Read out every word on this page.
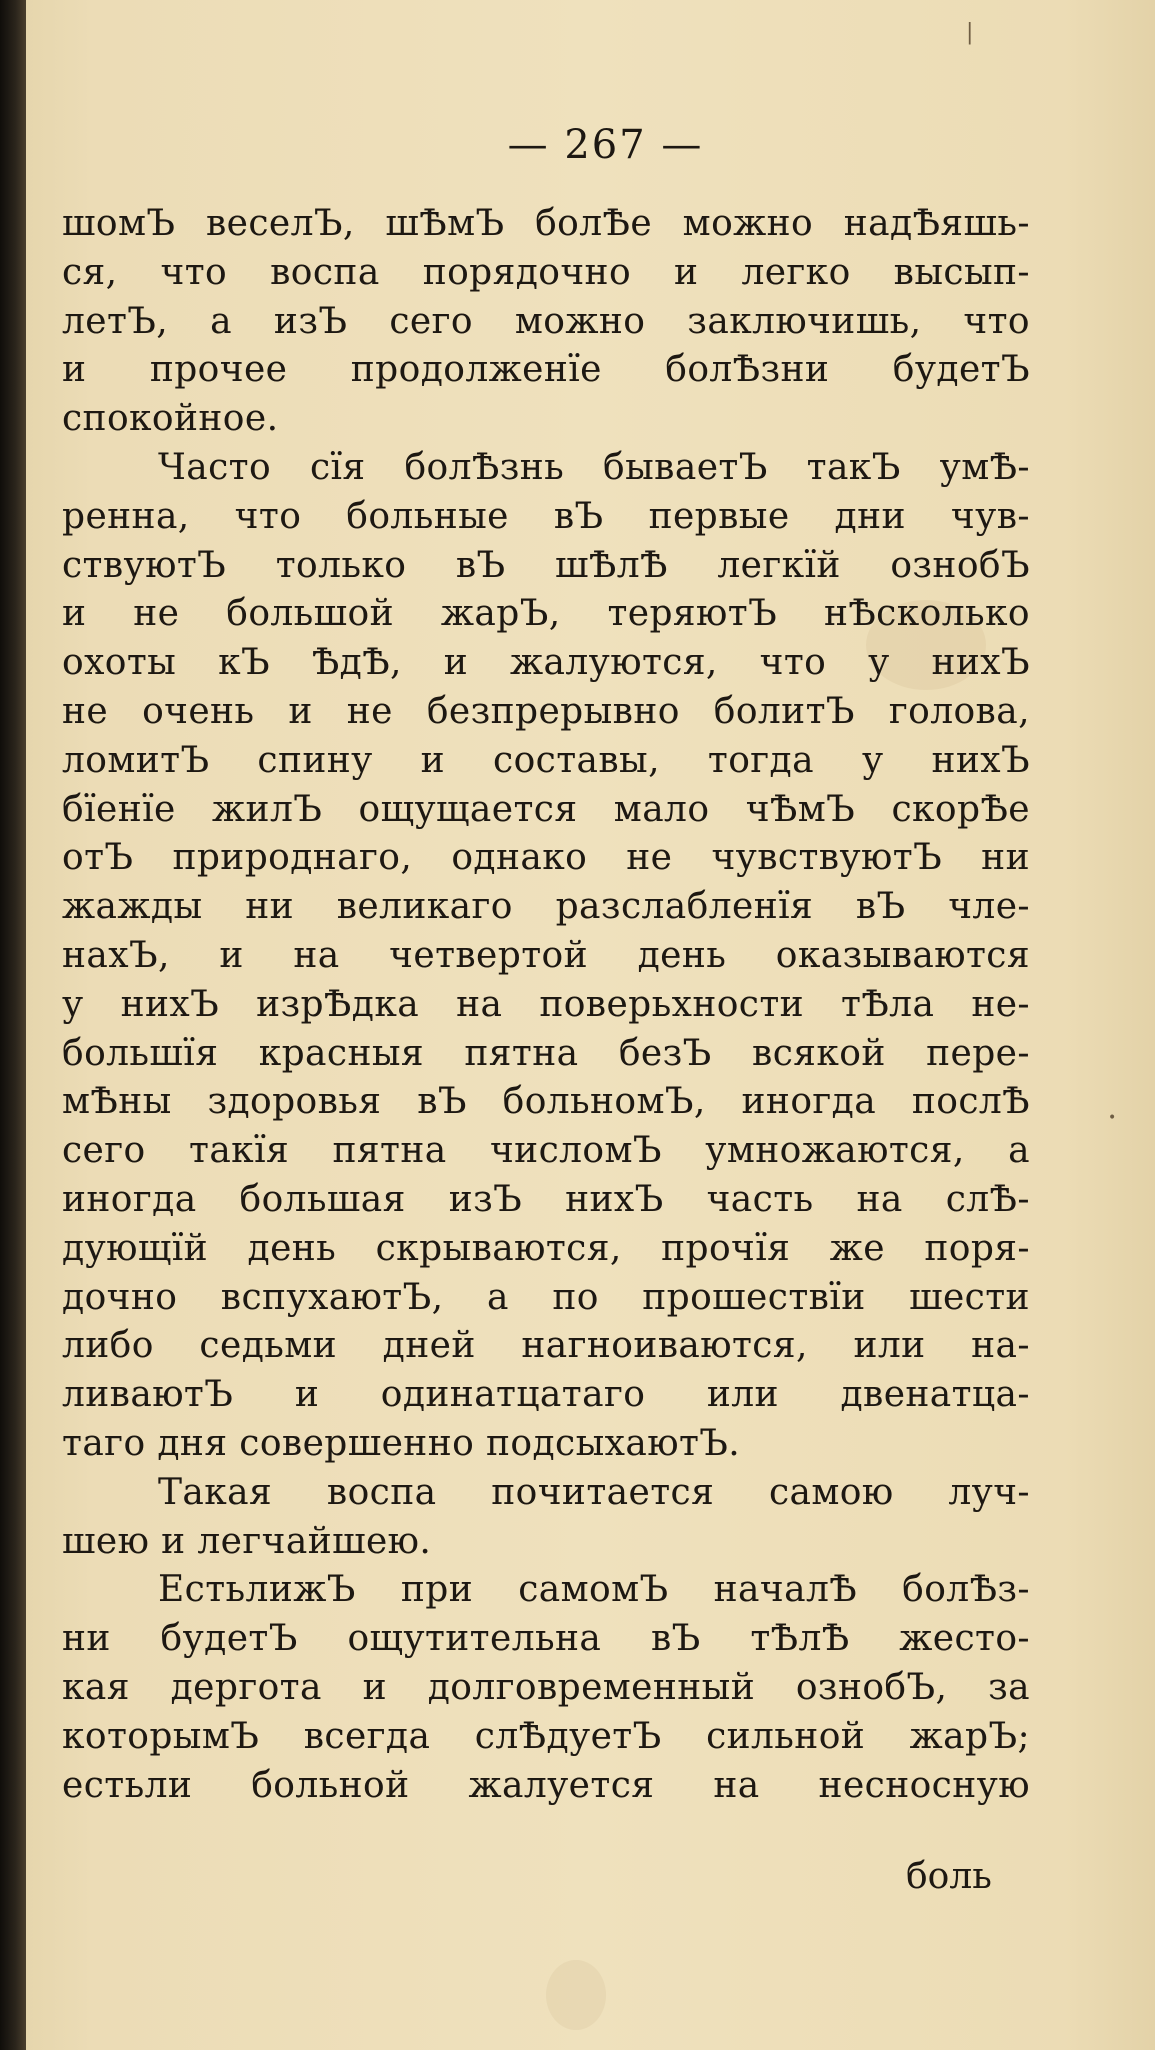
|
•
— 267 —
шомЪ веселЪ, шѢмЪ болѢе можно надѢяшь-
ся, что воспа порядочно и легко высып-
летЪ, а изЪ сего можно заключишь, что
и прочее продолженїе болѢзни будетЪ
спокойное.
Часто сїя болѢзнь бываетЪ такЪ умѢ-
ренна, что больные вЪ первые дни чув-
ствуютЪ только вЪ шѢлѢ легкїй ознобЪ
и не большой жарЪ, теряютЪ нѢсколько
охоты кЪ ѢдѢ, и жалуются, что у нихЪ
не очень и не безпрерывно болитЪ голова,
ломитЪ спину и составы, тогда у нихЪ
бїенїе жилЪ ощущается мало чѢмЪ скорѢе
отЪ природнаго, однако не чувствуютЪ ни
жажды ни великаго разслабленїя вЪ чле-
нахЪ, и на четвертой день оказываются
у нихЪ изрѢдка на поверьхности тѢла не-
большїя красныя пятна безЪ всякой пере-
мѢны здоровья вЪ больномЪ, иногда послѢ
сего такїя пятна числомЪ умножаются, а
иногда большая изЪ нихЪ часть на слѢ-
дующїй день скрываются, прочїя же поря-
дочно вспухаютЪ, а по прошествїи шести
либо седьми дней нагноиваются, или на-
ливаютЪ и одинатцатаго или двенатца-
таго дня совершенно подсыхаютЪ.
Такая воспа почитается самою луч-
шею и легчайшею.
ЕстьлижЪ при самомЪ началѢ болѢз-
ни будетЪ ощутительна вЪ тѢлѢ жесто-
кая дергота и долговременный ознобЪ, за
которымЪ всегда слѢдуетЪ сильной жарЪ;
естьли больной жалуется на несносную
боль
